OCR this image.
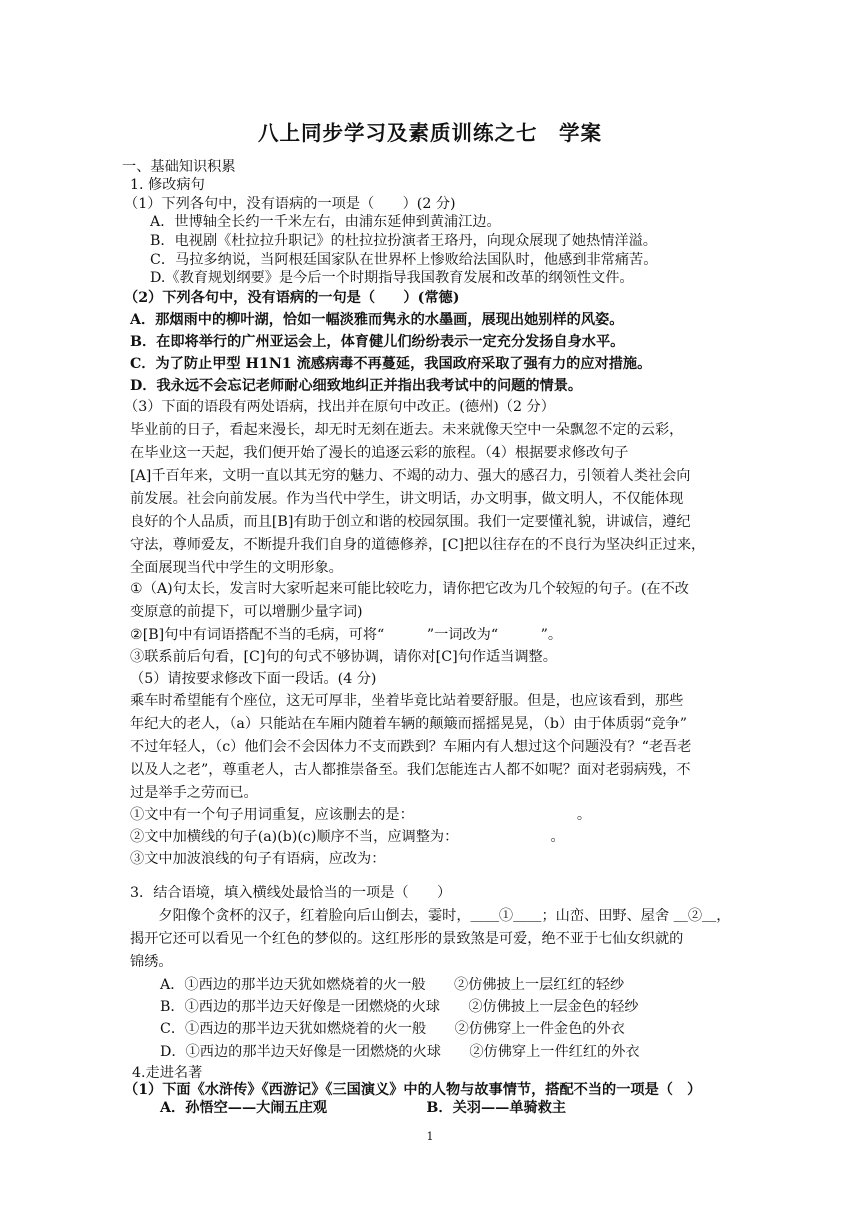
八上同步学习及素质训练之七　学案
一、基础知识积累
1. 修改病句
（1）下列各句中，没有语病的一项是（　　）(2 分)
A．世博轴全长约一千米左右，由浦东延伸到黄浦江边。
B．电视剧《杜拉拉升职记》的杜拉拉扮演者王珞丹，向现众展现了她热情洋溢。
C．马拉多纳说，当阿根廷国家队在世界杯上惨败给法国队时，他感到非常痛苦。
D.《教育规划纲要》是今后一个时期指导我国教育发展和改革的纲领性文件。
（2）下列各句中，没有语病的一句是（　　）(常德)
A．那烟雨中的柳叶湖，恰如一幅淡雅而隽永的水墨画，展现出她别样的风姿。
B．在即将举行的广州亚运会上，体育健儿们纷纷表示一定充分发扬自身水平。
C．为了防止甲型 H1N1 流感病毒不再蔓延，我国政府采取了强有力的应对措施。
D．我永远不会忘记老师耐心细致地纠正并指出我考试中的问题的情景。
（3）下面的语段有两处语病，找出并在原句中改正。(德州)（2 分）
毕业前的日子，看起来漫长，却无时无刻在逝去。未来就像天空中一朵飘忽不定的云彩，
在毕业这一天起，我们便开始了漫长的追逐云彩的旅程。（4）根据要求修改句子
[A]千百年来，文明一直以其无穷的魅力、不竭的动力、强大的感召力，引领着人类社会向
前发展。社会向前发展。作为当代中学生，讲文明话，办文明事，做文明人，不仅能体现
良好的个人品质，而且[B]有助于创立和谐的校园氛围。我们一定要懂礼貌，讲诚信，遵纪
守法，尊师爱友，不断提升我们自身的道德修养，[C]把以往存在的不良行为坚决纠正过来，
全面展现当代中学生的文明形象。
①（A)句太长，发言时大家听起来可能比较吃力，请你把它改为几个较短的句子。(在不改
变原意的前提下，可以增删少量字词)
②[B]句中有词语搭配不当的毛病，可将“　　　”一词改为“　　　”。
③联系前后句看，[C]句的句式不够协调，请你对[C]句作适当调整。
（5）请按要求修改下面一段话。(4 分)
乘车时希望能有个座位，这无可厚非，坐着毕竟比站着要舒服。但是，也应该看到，那些
年纪大的老人，（a）只能站在车厢内随着车辆的颠簸而摇摇晃晃，（b）由于体质弱“竞争”
不过年轻人，（c）他们会不会因体力不支而跌到？车厢内有人想过这个问题没有？“老吾老
以及人之老”，尊重老人，古人都推崇备至。我们怎能连古人都不如呢？面对老弱病残，不
过是举手之劳而已。
①文中有一个句子用词重复，应该删去的是：　　　　　　　　　　　　。
②文中加横线的句子(a)(b)(c)顺序不当，应调整为：　　　　　　　。
③文中加波浪线的句子有语病，应改为：
3．结合语境，填入横线处最恰当的一项是（　　）
　　夕阳像个贪杯的汉子，红着脸向后山倒去，霎时，＿＿①＿＿；山峦、田野、屋舍 ＿②＿，
揭开它还可以看见一个红色的梦似的。这红彤彤的景致煞是可爱，绝不亚于七仙女织就的
锦绣。
A．①西边的那半边天犹如燃烧着的火一般　　②仿佛披上一层红红的轻纱
B．①西边的那半边天好像是一团燃烧的火球　　②仿佛披上一层金色的轻纱
C．①西边的那半边天犹如燃烧着的火一般　　②仿佛穿上一件金色的外衣
D．①西边的那半边天好像是一团燃烧的火球　　②仿佛穿上一件红红的外衣
4.走进名著
（1）下面《水浒传》《西游记》《三国演义》中的人物与故事情节，搭配不当的一项是（　）
A．孙悟空——大闹五庄观　　　　　　　B．关羽——单骑救主
1
